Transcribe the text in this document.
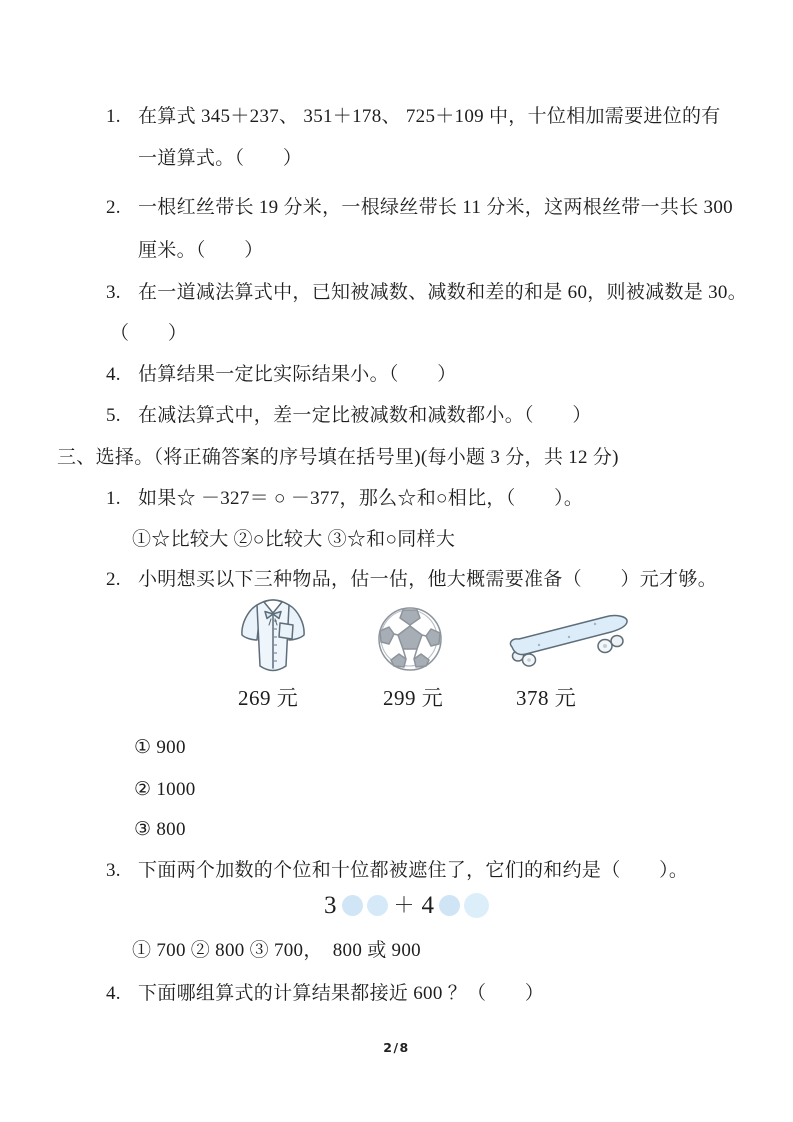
1. 在算式 345＋237、 351＋178、 725＋109 中，十位相加需要进位的有
一道算式。（　　）
2. 一根红丝带长 19 分米，一根绿丝带长 11 分米，这两根丝带一共长 300
厘米。（　　）
3. 在一道减法算式中，已知被减数、减数和差的和是 60，则被减数是 30。
（　　）
4. 估算结果一定比实际结果小。（　　）
5. 在减法算式中，差一定比被减数和减数都小。（　　）
三、选择。（将正确答案的序号填在括号里)(每小题 3 分，共 12 分)
1. 如果☆ －327＝ ○ －377，那么☆和○相比，（　　）。
①☆比较大 ②○比较大 ③☆和○同样大
2. 小明想买以下三种物品，估一估，他大概需要准备（　　）元才够。
269 元	299 元	378 元
① 900
② 1000
③ 800
3. 下面两个加数的个位和十位都被遮住了，它们的和约是（　　）。
3	＋ 4
① 700 ② 800 ③ 700，  800 或 900
4. 下面哪组算式的计算结果都接近 600 ？（　　）
2/8
